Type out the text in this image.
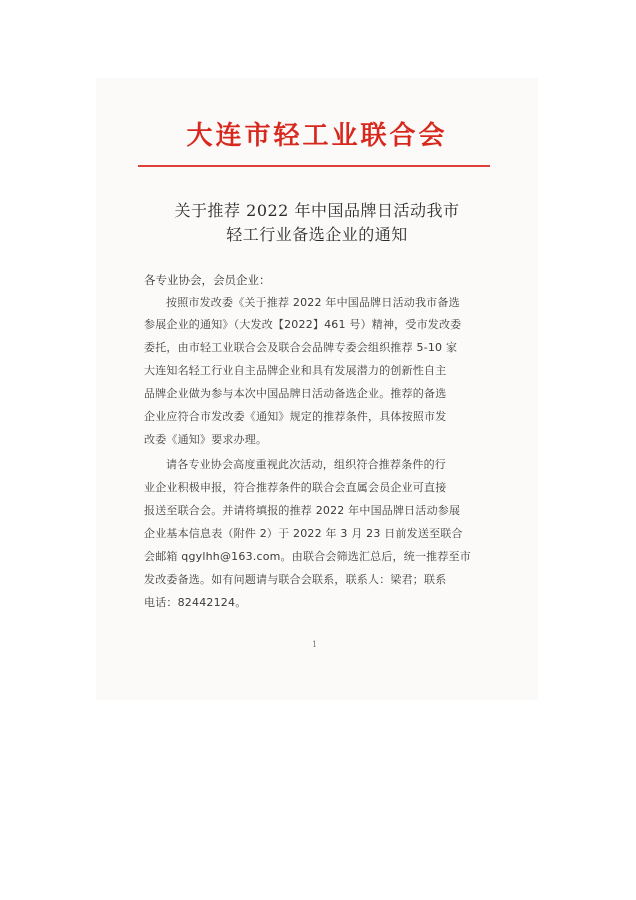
大连市轻工业联合会
关于推荐 2022 年中国品牌日活动我市
轻工行业备选企业的通知
各专业协会，会员企业：
按照市发改委《关于推荐 2022 年中国品牌日活动我市备选
参展企业的通知》（大发改【2022】461 号）精神，受市发改委
委托，由市轻工业联合会及联合会品牌专委会组织推荐 5-10 家
大连知名轻工行业自主品牌企业和具有发展潜力的创新性自主
品牌企业做为参与本次中国品牌日活动备选企业。推荐的备选
企业应符合市发改委《通知》规定的推荐条件，具体按照市发
改委《通知》要求办理。
请各专业协会高度重视此次活动，组织符合推荐条件的行
业企业积极申报，符合推荐条件的联合会直属会员企业可直接
报送至联合会。并请将填报的推荐 2022 年中国品牌日活动参展
企业基本信息表（附件 2）于 2022 年 3 月 23 日前发送至联合
会邮箱 qgylhh@163.com。由联合会筛选汇总后，统一推荐至市
发改委备选。如有问题请与联合会联系，联系人：梁君；联系
电话：82442124。
1
